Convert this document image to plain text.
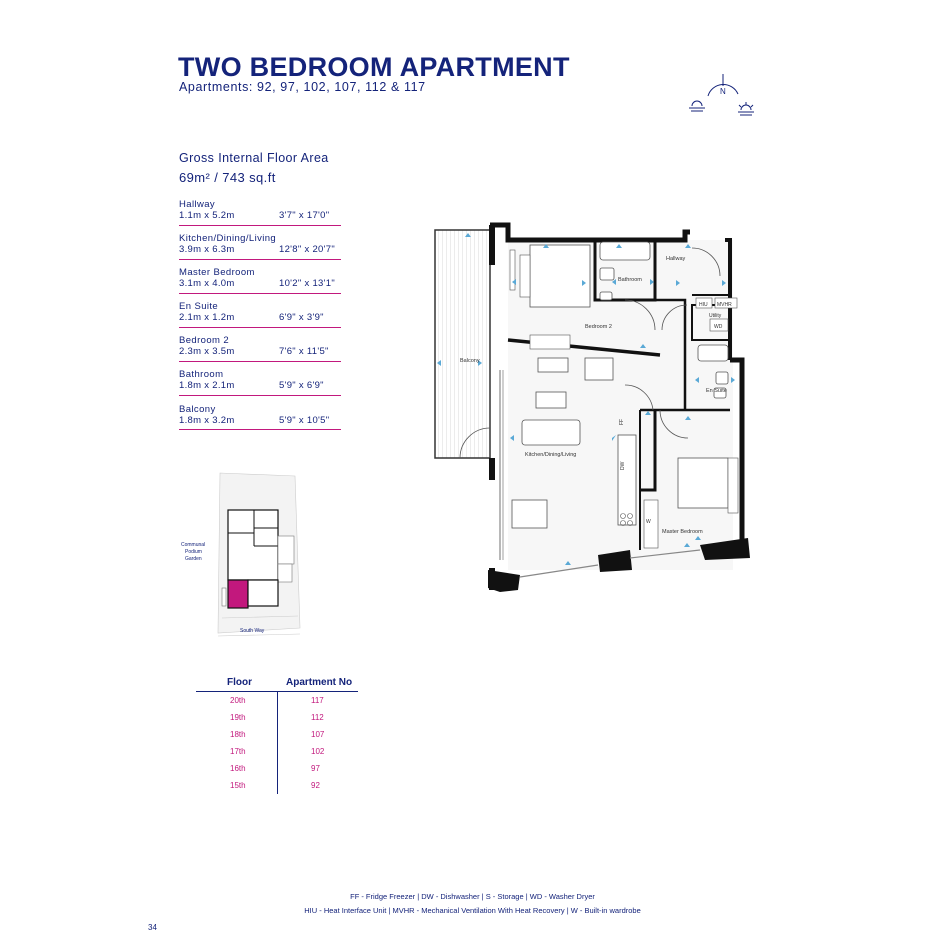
TWO BEDROOM APARTMENT
Apartments: 92, 97, 102, 107, 112 & 117	N
Gross Internal Floor Area
69m² / 743 sq.ft
Hallway
1.1m x 5.2m	3'7" x 17'0"
Kitchen/Dining/Living
3.9m x 6.3m	12'8" x 20'7"
Master Bedroom
3.1m x 4.0m	10'2" x 13'1"
En Suite
2.1m x 1.2m	6'9" x 3'9"
Bedroom 2
2.3m x 3.5m	7'6" x 11'5"
Bathroom
1.8m x 2.1m	5'9" x 6'9"
Balcony
1.8m x 3.2m	5'9" x 10'5"
Communal
Podium
Garden
South Way
Floor	Apartment No
20th	117
19th	112
18th	107
17th	102
16th	97
15th	92
Balcony
Bathroom
Hallway
Bedroom 2
HIU MVHR
Utility
WD
En Suite
FF
Kitchen/Dining/Living
DW
W
Master Bedroom
FF - Fridge Freezer | DW - Dishwasher | S - Storage | WD - Washer Dryer
HIU - Heat Interface Unit | MVHR - Mechanical Ventilation With Heat Recovery | W - Built-in wardrobe
34
